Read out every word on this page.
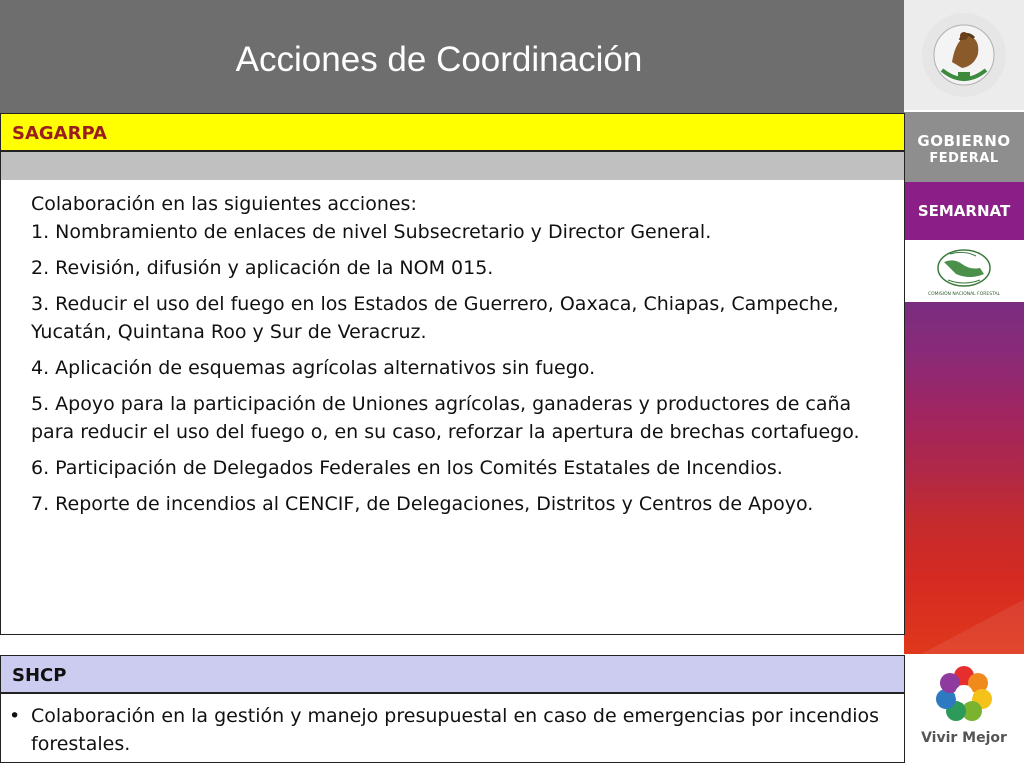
Acciones de Coordinación
GOBIERNO
FEDERAL
SEMARNAT
COMISIÓN NACIONAL FORESTAL
Vivir Mejor
SAGARPA

Colaboración en las siguientes acciones:

1. Nombramiento de enlaces de nivel Subsecretario y Director General.

2. Revisión, difusión y aplicación de la NOM 015.

3. Reducir el uso del fuego en los Estados de Guerrero, Oaxaca, Chiapas, Campeche, Yucatán, Quintana Roo y Sur de Veracruz.

4. Aplicación de esquemas agrícolas alternativos sin fuego.

5. Apoyo para la participación de Uniones agrícolas, ganaderas y productores de caña para reducir el uso del fuego o, en su caso, reforzar la apertura de brechas cortafuego.

6. Participación de Delegados Federales en los Comités Estatales de Incendios.

7. Reporte de incendios al CENCIF, de Delegaciones, Distritos y Centros de Apoyo.

SHCP
• Colaboración en la gestión y manejo presupuestal en caso de emergencias por incendios forestales.
